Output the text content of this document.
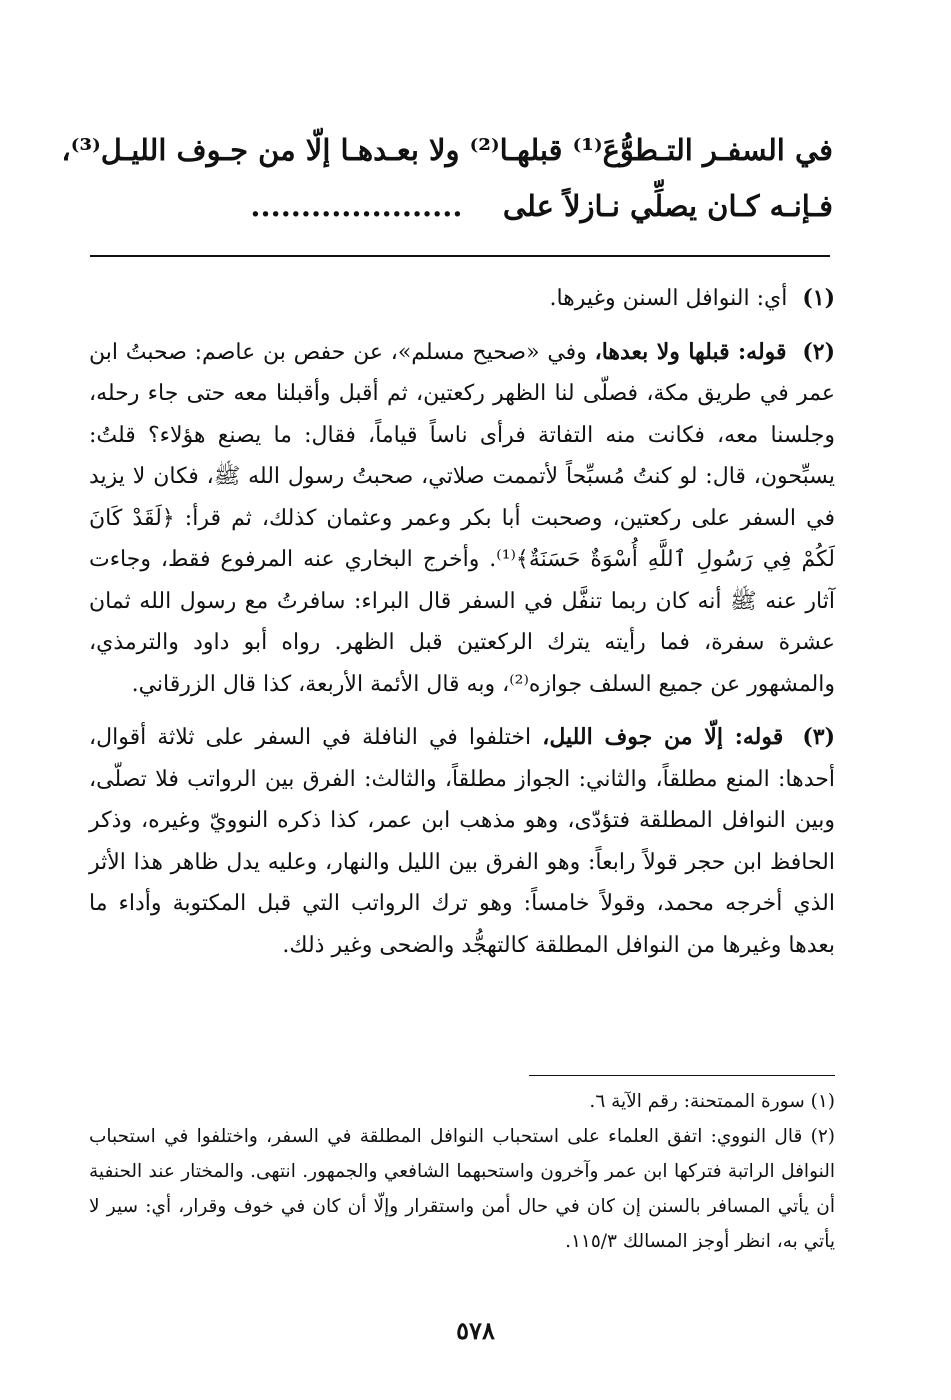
في السفـر التـطوُّعَ⁽¹⁾ قبلهـا⁽²⁾ ولا بعـدهـا إلّا من جـوف الليـل⁽³⁾،
فـإنـه كـان يصلِّي نـازلاً على    .....................

(١) أي: النوافل السنن وغيرها.

(٢) قوله: قبلها ولا بعدها، وفي «صحيح مسلم»، عن حفص بن عاصم: صحبتُ ابن عمر في طريق مكة، فصلّى لنا الظهر ركعتين، ثم أقبل وأقبلنا معه حتى جاء رحله، وجلسنا معه، فكانت منه التفاتة فرأى ناساً قياماً، فقال: ما يصنع هؤلاء؟ قلتُ: يسبِّحون، قال: لو كنتُ مُسبِّحاً لأتممت صلاتي، صحبتُ رسول الله ﷺ، فكان لا يزيد في السفر على ركعتين، وصحبت أبا بكر وعمر وعثمان كذلك، ثم قرأ: ﴿لَقَدْ كَانَ لَكُمْ فِي رَسُولِ ٱللَّهِ أُسْوَةٌ حَسَنَةٌ﴾⁽¹⁾. وأخرج البخاري عنه المرفوع فقط، وجاءت آثار عنه ﷺ أنه كان ربما تنفَّل في السفر قال البراء: سافرتُ مع رسول الله ثمان عشرة سفرة، فما رأيته يترك الركعتين قبل الظهر. رواه أبو داود والترمذي، والمشهور عن جميع السلف جوازه⁽²⁾، وبه قال الأئمة الأربعة، كذا قال الزرقاني.

(٣) قوله: إلّا من جوف الليل، اختلفوا في النافلة في السفر على ثلاثة أقوال، أحدها: المنع مطلقاً، والثاني: الجواز مطلقاً، والثالث: الفرق بين الرواتب فلا تصلّى، وبين النوافل المطلقة فتؤدّى، وهو مذهب ابن عمر، كذا ذكره النوويّ وغيره، وذكر الحافظ ابن حجر قولاً رابعاً: وهو الفرق بين الليل والنهار، وعليه يدل ظاهر هذا الأثر الذي أخرجه محمد، وقولاً خامساً: وهو ترك الرواتب التي قبل المكتوبة وأداء ما بعدها وغيرها من النوافل المطلقة كالتهجُّد والضحى وغير ذلك.

(١) سورة الممتحنة: رقم الآية ٦.

(٢) قال النووي: اتفق العلماء على استحباب النوافل المطلقة في السفر، واختلفوا في استحباب النوافل الراتبة فتركها ابن عمر وآخرون واستحبهما الشافعي والجمهور. انتهى. والمختار عند الحنفية أن يأتي المسافر بالسنن إن كان في حال أمن واستقرار وإلّا أن كان في خوف وقرار، أي: سير لا يأتي به، انظر أوجز المسالك ١١٥/٣.

٥٧٨
